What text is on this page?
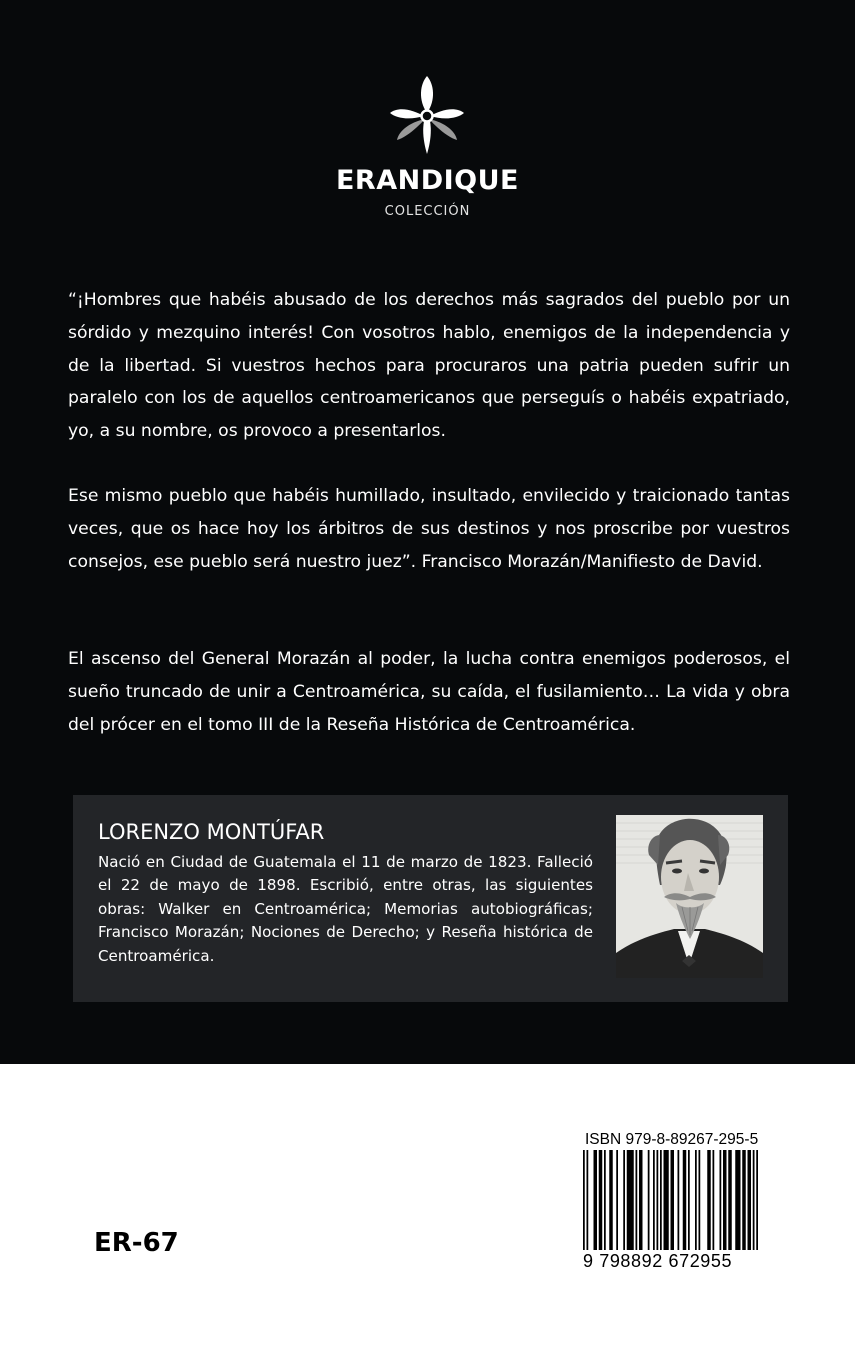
ERANDIQUE
COLECCIÓN

“¡Hombres que habéis abusado de los derechos más sagrados del pueblo por un sórdido y mezquino interés! Con vosotros hablo, enemigos de la independencia y de la libertad. Si vuestros hechos para procuraros una patria pueden sufrir un paralelo con los de aquellos centroamericanos que perseguís o habéis expatriado, yo, a su nombre, os provoco a presentarlos.

Ese mismo pueblo que habéis humillado, insultado, envilecido y traicionado tantas veces, que os hace hoy los árbitros de sus destinos y nos proscribe por vuestros consejos, ese pueblo será nuestro juez”. Francisco Morazán/Manifiesto de David.

El ascenso del General Morazán al poder, la lucha contra enemigos poderosos, el sueño truncado de unir a Centroamérica, su caída, el fusilamiento… La vida y obra del prócer en el tomo III de la Reseña Histórica de Centroamérica.

LORENZO MONTÚFAR

Nació en Ciudad de Guatemala el 11 de marzo de 1823. Falleció el 22 de mayo de 1898. Escribió, entre otras, las siguientes obras: Walker en Centroamérica; Memorias autobiográficas; Francisco Morazán; Nociones de Derecho; y Reseña histórica de Centroamérica.

ER-67
ISBN 979-8-89267-295-5
9 798892 672955
